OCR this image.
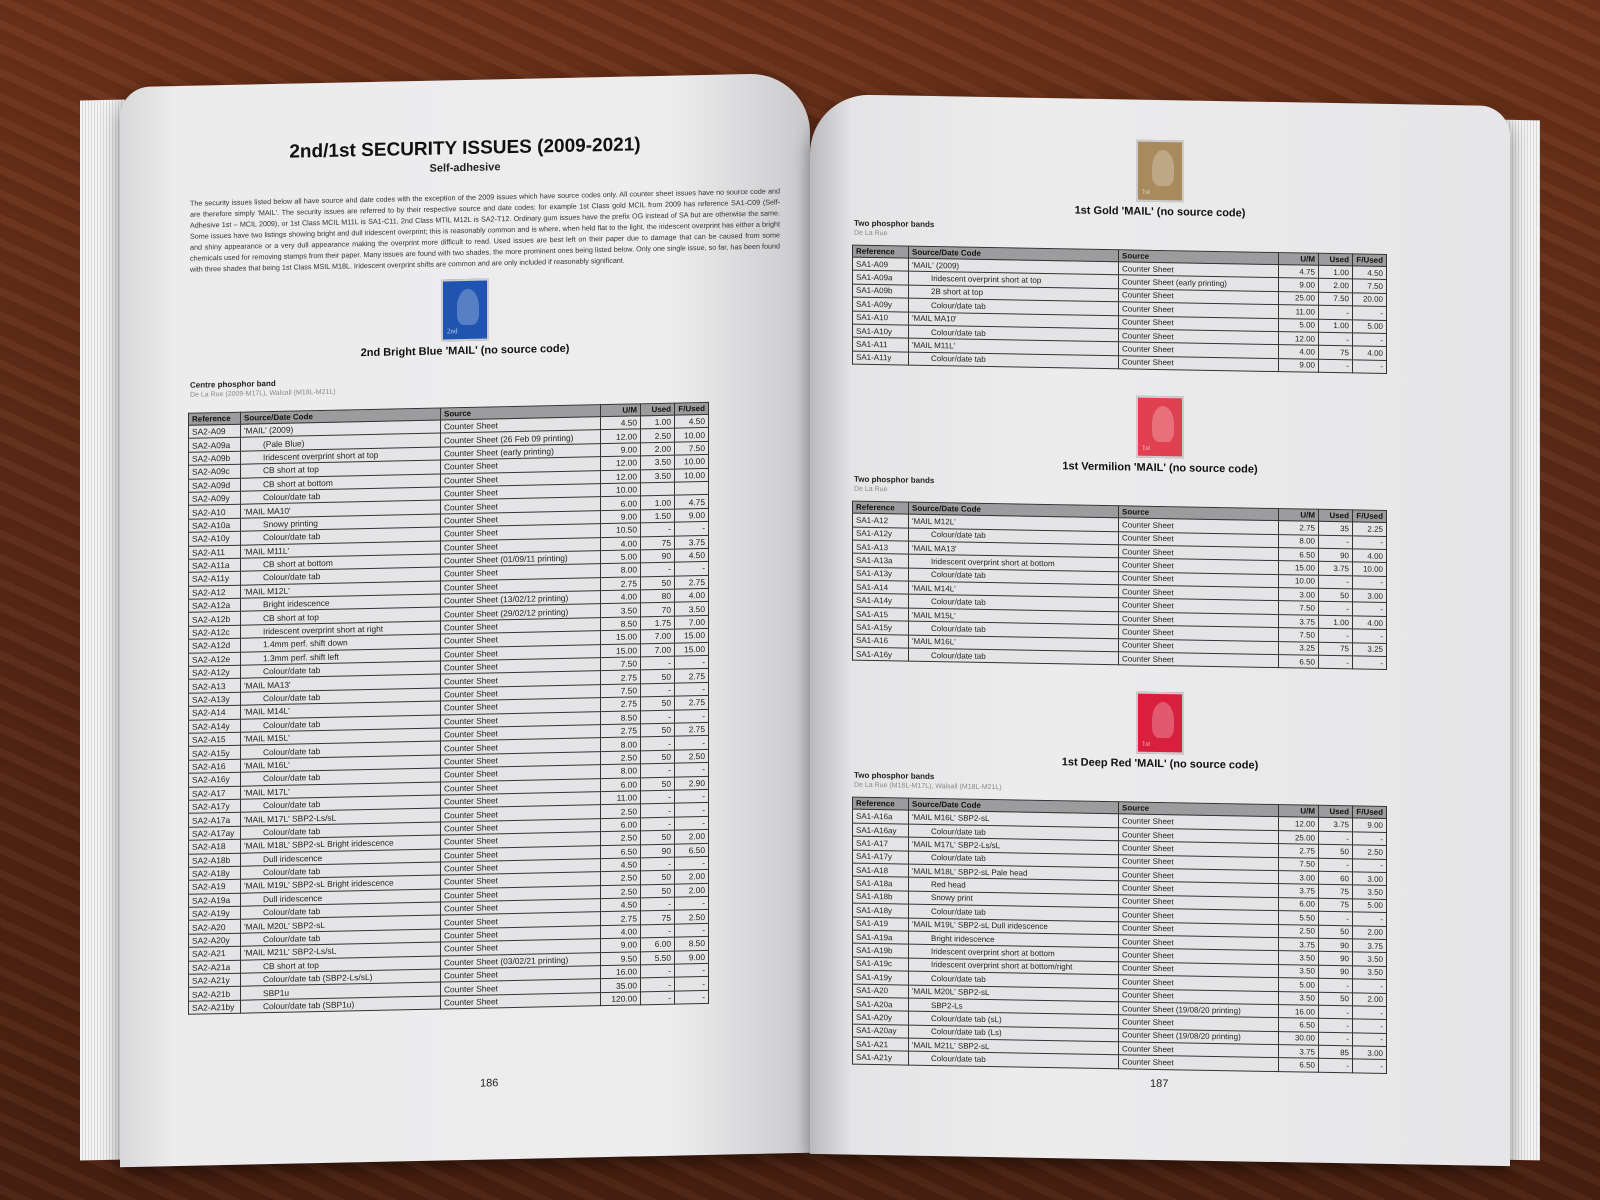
2nd/1st SECURITY ISSUES (2009-2021)
Self-adhesive

The security issues listed below all have source and date codes with the exception of the 2009 issues which have source codes only. All counter sheet issues have no source code and are therefore simply 'MAIL'. The security issues are referred to by their respective source and date codes; for example 1st Class gold MCIL from 2009 has reference SA1-C09 (Self-Adhesive 1st – MCIL 2009), or 1st Class MCIL M11L is SA1-C11, 2nd Class MTIL M12L is SA2-T12. Ordinary gum issues have the prefix OG instead of SA but are otherwise the same. Some issues have two listings showing bright and dull iridescent overprint; this is reasonably common and is where, when held flat to the light, the iridescent overprint has either a bright and shiny appearance or a very dull appearance making the overprint more difficult to read. Used issues are best left on their paper due to damage that can be caused from some chemicals used for removing stamps from their paper. Many issues are found with two shades, the more prominent ones being listed below. Only one single issue, so far, has been found with three shades that being 1st Class MSIL M18L. Iridescent overprint shifts are common and are only included if reasonably significant.

2nd
2nd Bright Blue 'MAIL' (no source code)
Centre phosphor band
De La Rue (2009-M17L), Walsall (M18L-M21L)
Reference	Source/Date Code	Source	U/M	Used	F/Used
SA2-A09	'MAIL' (2009)	Counter Sheet	4.50	1.00	4.50
SA2-A09a	(Pale Blue)	Counter Sheet (26 Feb 09 printing)	12.00	2.50	10.00
SA2-A09b	Iridescent overprint short at top	Counter Sheet (early printing)	9.00	2.00	7.50
SA2-A09c	CB short at top	Counter Sheet	12.00	3.50	10.00
SA2-A09d	CB short at bottom	Counter Sheet	12.00	3.50	10.00
SA2-A09y	Colour/date tab	Counter Sheet	10.00		
SA2-A10	'MAIL MA10'	Counter Sheet	6.00	1.00	4.75
SA2-A10a	Snowy printing	Counter Sheet	9.00	1.50	9.00
SA2-A10y	Colour/date tab	Counter Sheet	10.50	-	-
SA2-A11	'MAIL M11L'	Counter Sheet	4.00	75	3.75
SA2-A11a	CB short at bottom	Counter Sheet (01/09/11 printing)	5.00	90	4.50
SA2-A11y	Colour/date tab	Counter Sheet	8.00	-	-
SA2-A12	'MAIL M12L'	Counter Sheet	2.75	50	2.75
SA2-A12a	Bright iridescence	Counter Sheet (13/02/12 printing)	4.00	80	4.00
SA2-A12b	CB short at top	Counter Sheet (29/02/12 printing)	3.50	70	3.50
SA2-A12c	Iridescent overprint short at right	Counter Sheet	8.50	1.75	7.00
SA2-A12d	1.4mm perf. shift down	Counter Sheet	15.00	7.00	15.00
SA2-A12e	1.3mm perf. shift left	Counter Sheet	15.00	7.00	15.00
SA2-A12y	Colour/date tab	Counter Sheet	7.50	-	-
SA2-A13	'MAIL MA13'	Counter Sheet	2.75	50	2.75
SA2-A13y	Colour/date tab	Counter Sheet	7.50	-	-
SA2-A14	'MAIL M14L'	Counter Sheet	2.75	50	2.75
SA2-A14y	Colour/date tab	Counter Sheet	8.50	-	-
SA2-A15	'MAIL M15L'	Counter Sheet	2.75	50	2.75
SA2-A15y	Colour/date tab	Counter Sheet	8.00	-	-
SA2-A16	'MAIL M16L'	Counter Sheet	2.50	50	2.50
SA2-A16y	Colour/date tab	Counter Sheet	8.00	-	-
SA2-A17	'MAIL M17L'	Counter Sheet	6.00	50	2.90
SA2-A17y	Colour/date tab	Counter Sheet	11.00	-	-
SA2-A17a	'MAIL M17L' SBP2-Ls/sL	Counter Sheet	2.50	-	-
SA2-A17ay	Colour/date tab	Counter Sheet	6.00	-	-
SA2-A18	'MAIL M18L' SBP2-sL Bright iridescence	Counter Sheet	2.50	50	2.00
SA2-A18b	Dull iridescence	Counter Sheet	6.50	90	6.50
SA2-A18y	Colour/date tab	Counter Sheet	4.50	-	-
SA2-A19	'MAIL M19L' SBP2-sL Bright iridescence	Counter Sheet	2.50	50	2.00
SA2-A19a	Dull iridescence	Counter Sheet	2.50	50	2.00
SA2-A19y	Colour/date tab	Counter Sheet	4.50	-	-
SA2-A20	'MAIL M20L' SBP2-sL	Counter Sheet	2.75	75	2.50
SA2-A20y	Colour/date tab	Counter Sheet	4.00	-	-
SA2-A21	'MAIL M21L' SBP2-Ls/sL	Counter Sheet	9.00	6.00	8.50
SA2-A21a	CB short at top	Counter Sheet (03/02/21 printing)	9.50	5.50	9.00
SA2-A21y	Colour/date tab (SBP2-Ls/sL)	Counter Sheet	16.00	-	-
SA2-A21b	SBP1u	Counter Sheet	35.00	-	-
SA2-A21by	Colour/date tab (SBP1u)	Counter Sheet	120.00	-	-
186
1st
1st Gold 'MAIL' (no source code)
Two phosphor bands
De La Rue
Reference	Source/Date Code	Source	U/M	Used	F/Used
SA1-A09	'MAIL' (2009)	Counter Sheet	4.75	1.00	4.50
SA1-A09a	Iridescent overprint short at top	Counter Sheet (early printing)	9.00	2.00	7.50
SA1-A09b	2B short at top	Counter Sheet	25.00	7.50	20.00
SA1-A09y	Colour/date tab	Counter Sheet	11.00	-	-
SA1-A10	'MAIL MA10'	Counter Sheet	5.00	1.00	5.00
SA1-A10y	Colour/date tab	Counter Sheet	12.00	-	-
SA1-A11	'MAIL M11L'	Counter Sheet	4.00	75	4.00
SA1-A11y	Colour/date tab	Counter Sheet	9.00	-	-
1st
1st Vermilion 'MAIL' (no source code)
Two phosphor bands
De La Rue
Reference	Source/Date Code	Source	U/M	Used	F/Used
SA1-A12	'MAIL M12L'	Counter Sheet	2.75	35	2.25
SA1-A12y	Colour/date tab	Counter Sheet	8.00	-	-
SA1-A13	'MAIL MA13'	Counter Sheet	6.50	90	4.00
SA1-A13a	Iridescent overprint short at bottom	Counter Sheet	15.00	3.75	10.00
SA1-A13y	Colour/date tab	Counter Sheet	10.00	-	-
SA1-A14	'MAIL M14L'	Counter Sheet	3.00	50	3.00
SA1-A14y	Colour/date tab	Counter Sheet	7.50	-	-
SA1-A15	'MAIL M15L'	Counter Sheet	3.75	1.00	4.00
SA1-A15y	Colour/date tab	Counter Sheet	7.50	-	-
SA1-A16	'MAIL M16L'	Counter Sheet	3.25	75	3.25
SA1-A16y	Colour/date tab	Counter Sheet	6.50	-	-
1st
1st Deep Red 'MAIL' (no source code)
Two phosphor bands
De La Rue (M16L-M17L), Walsall (M18L-M21L)
Reference	Source/Date Code	Source	U/M	Used	F/Used
SA1-A16a	'MAIL M16L' SBP2-sL	Counter Sheet	12.00	3.75	9.00
SA1-A16ay	Colour/date tab	Counter Sheet	25.00	-	-
SA1-A17	'MAIL M17L' SBP2-Ls/sL	Counter Sheet	2.75	50	2.50
SA1-A17y	Colour/date tab	Counter Sheet	7.50	-	-
SA1-A18	'MAIL M18L' SBP2-sL Pale head	Counter Sheet	3.00	60	3.00
SA1-A18a	Red head	Counter Sheet	3.75	75	3.50
SA1-A18b	Snowy print	Counter Sheet	6.00	75	5.00
SA1-A18y	Colour/date tab	Counter Sheet	5.50	-	-
SA1-A19	'MAIL M19L' SBP2-sL Dull iridescence	Counter Sheet	2.50	50	2.00
SA1-A19a	Bright iridescence	Counter Sheet	3.75	90	3.75
SA1-A19b	Iridescent overprint short at bottom	Counter Sheet	3.50	90	3.50
SA1-A19c	Iridescent overprint short at bottom/right	Counter Sheet	3.50	90	3.50
SA1-A19y	Colour/date tab	Counter Sheet	5.00	-	-
SA1-A20	'MAIL M20L' SBP2-sL	Counter Sheet	3.50	50	2.00
SA1-A20a	SBP2-Ls	Counter Sheet (19/08/20 printing)	16.00	-	-
SA1-A20y	Colour/date tab (sL)	Counter Sheet	6.50	-	-
SA1-A20ay	Colour/date tab (Ls)	Counter Sheet (19/08/20 printing)	30.00	-	-
SA1-A21	'MAIL M21L' SBP2-sL	Counter Sheet	3.75	85	3.00
SA1-A21y	Colour/date tab	Counter Sheet	6.50	-	-
187
